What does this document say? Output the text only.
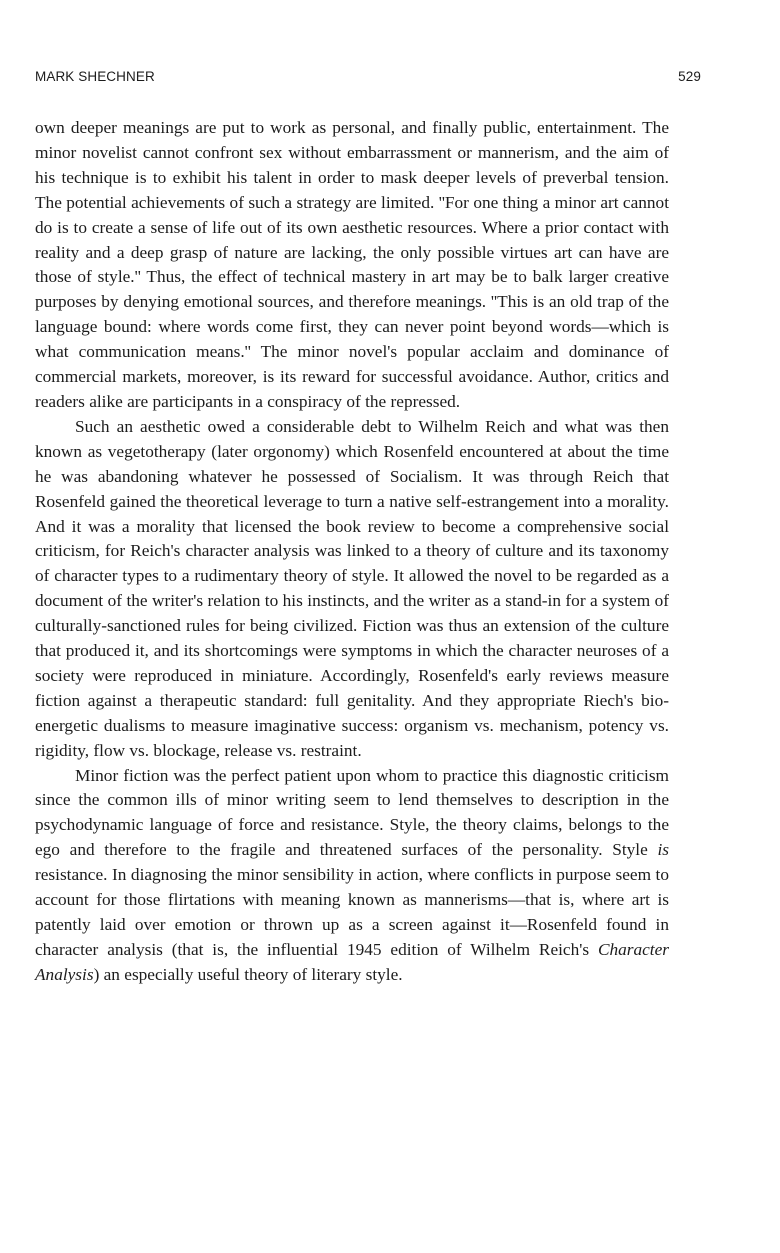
MARK SHECHNER	529

own deeper meanings are put to work as personal, and finally public, entertainment. The minor novelist cannot confront sex without embarrassment or mannerism, and the aim of his technique is to exhibit his talent in order to mask deeper levels of preverbal tension. The potential achievements of such a strategy are limited. ''For one thing a minor art cannot do is to create a sense of life out of its own aesthetic resources. Where a prior contact with reality and a deep grasp of nature are lacking, the only possible virtues art can have are those of style.'' Thus, the effect of technical mastery in art may be to balk larger creative purposes by denying emotional sources, and therefore meanings. ''This is an old trap of the language bound: where words come first, they can never point beyond words—which is what communication means.'' The minor novel's popular acclaim and dominance of commercial markets, moreover, is its reward for successful avoidance. Author, critics and readers alike are participants in a conspiracy of the repressed.

Such an aesthetic owed a considerable debt to Wilhelm Reich and what was then known as vegetotherapy (later orgonomy) which Rosenfeld encountered at about the time he was abandoning whatever he possessed of Socialism. It was through Reich that Rosenfeld gained the theoretical leverage to turn a native self-estrangement into a morality. And it was a morality that licensed the book review to become a comprehensive social criticism, for Reich's character analysis was linked to a theory of culture and its taxonomy of character types to a rudimentary theory of style. It allowed the novel to be regarded as a document of the writer's relation to his instincts, and the writer as a stand-in for a system of culturally-sanctioned rules for being civilized. Fiction was thus an extension of the culture that produced it, and its shortcomings were symptoms in which the character neuroses of a society were reproduced in miniature. Accordingly, Rosenfeld's early reviews measure fiction against a therapeutic standard: full genitality. And they appropriate Riech's bio-energetic dualisms to measure imaginative success: organism vs. mechanism, potency vs. rigidity, flow vs. blockage, release vs. restraint.

Minor fiction was the perfect patient upon whom to practice this diagnostic criticism since the common ills of minor writing seem to lend themselves to description in the psychodynamic language of force and resistance. Style, the theory claims, belongs to the ego and therefore to the fragile and threatened surfaces of the personality. Style is resistance. In diagnosing the minor sensibility in action, where conflicts in purpose seem to account for those flirtations with meaning known as mannerisms—that is, where art is patently laid over emotion or thrown up as a screen against it—Rosenfeld found in character analysis (that is, the influential 1945 edition of Wilhelm Reich's Character Analysis) an especially useful theory of literary style.
